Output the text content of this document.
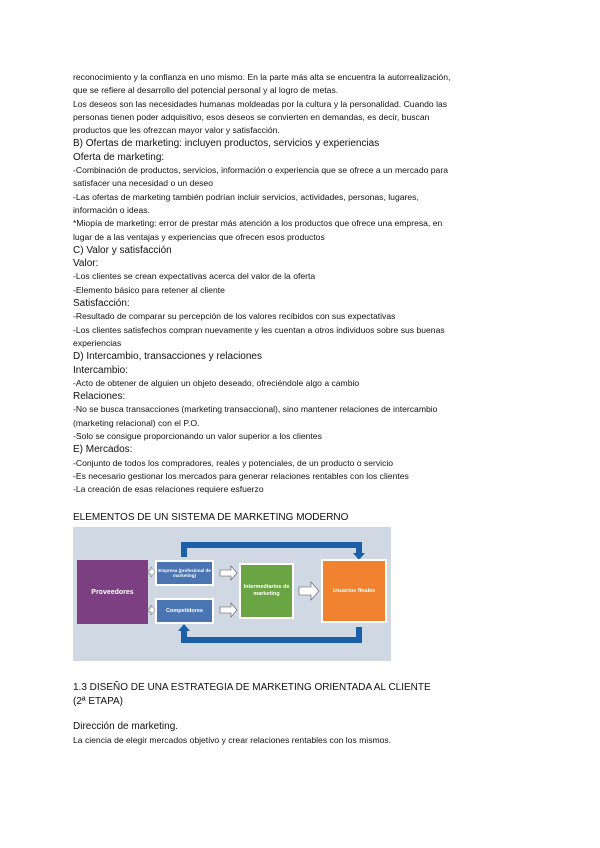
reconocimiento y la confianza en uno mismo. En la parte más alta se encuentra la autorrealización,

que se refiere al desarrollo del potencial personal y al logro de metas.

Los deseos son las necesidades humanas moldeadas por la cultura y la personalidad. Cuando las

personas tienen poder adquisitivo, esos deseos se convierten en demandas, es decir, buscan

productos que les ofrezcan mayor valor y satisfacción.

B) Ofertas de marketing: incluyen productos, servicios y experiencias

Oferta de marketing:

-Combinación de productos, servicios, información o experiencia que se ofrece a un mercado para

satisfacer una necesidad o un deseo

-Las ofertas de marketing también podrían incluir servicios, actividades, personas, lugares,

información o ideas.

*Miopía de marketing: error de prestar más atención a los productos que ofrece una empresa, en

lugar de a las ventajas y experiencias que ofrecen esos productos

C) Valor y satisfacción

Valor:

-Los clientes se crean expectativas acerca del valor de la oferta

-Elemento básico para retener al cliente

Satisfacción:

-Resultado de comparar su percepción de los valores recibidos con sus expectativas

-Los clientes satisfechos compran nuevamente y les cuentan a otros individuos sobre sus buenas

experiencias

D) Intercambio, transacciones y relaciones

Intercambio:

-Acto de obtener de alguien un objeto deseado, ofreciéndole algo a cambio

Relaciones:

-No se busca transacciones (marketing transaccional), sino mantener relaciones de intercambio

(marketing relacional) con el P.O.

-Solo se consigue proporcionando un valor superior a los clientes

E) Mercados:

-Conjunto de todos los compradores, reales y potenciales, de un producto o servicio

-Es necesario gestionar los mercados para generar relaciones rentables con los clientes

-La creación de esas relaciones requiere esfuerzo

ELEMENTOS DE UN SISTEMA DE MARKETING MODERNO

Proveedores
Empresa (profesional de marketing)
Competidores
Intermediarios de marketing
Usuarios finales

1.3 DISEÑO DE UNA ESTRATEGIA DE MARKETING ORIENTADA AL CLIENTE

(2ª ETAPA)

Dirección de marketing.

La ciencia de elegir mercados objetivo y crear relaciones rentables con los mismos.
